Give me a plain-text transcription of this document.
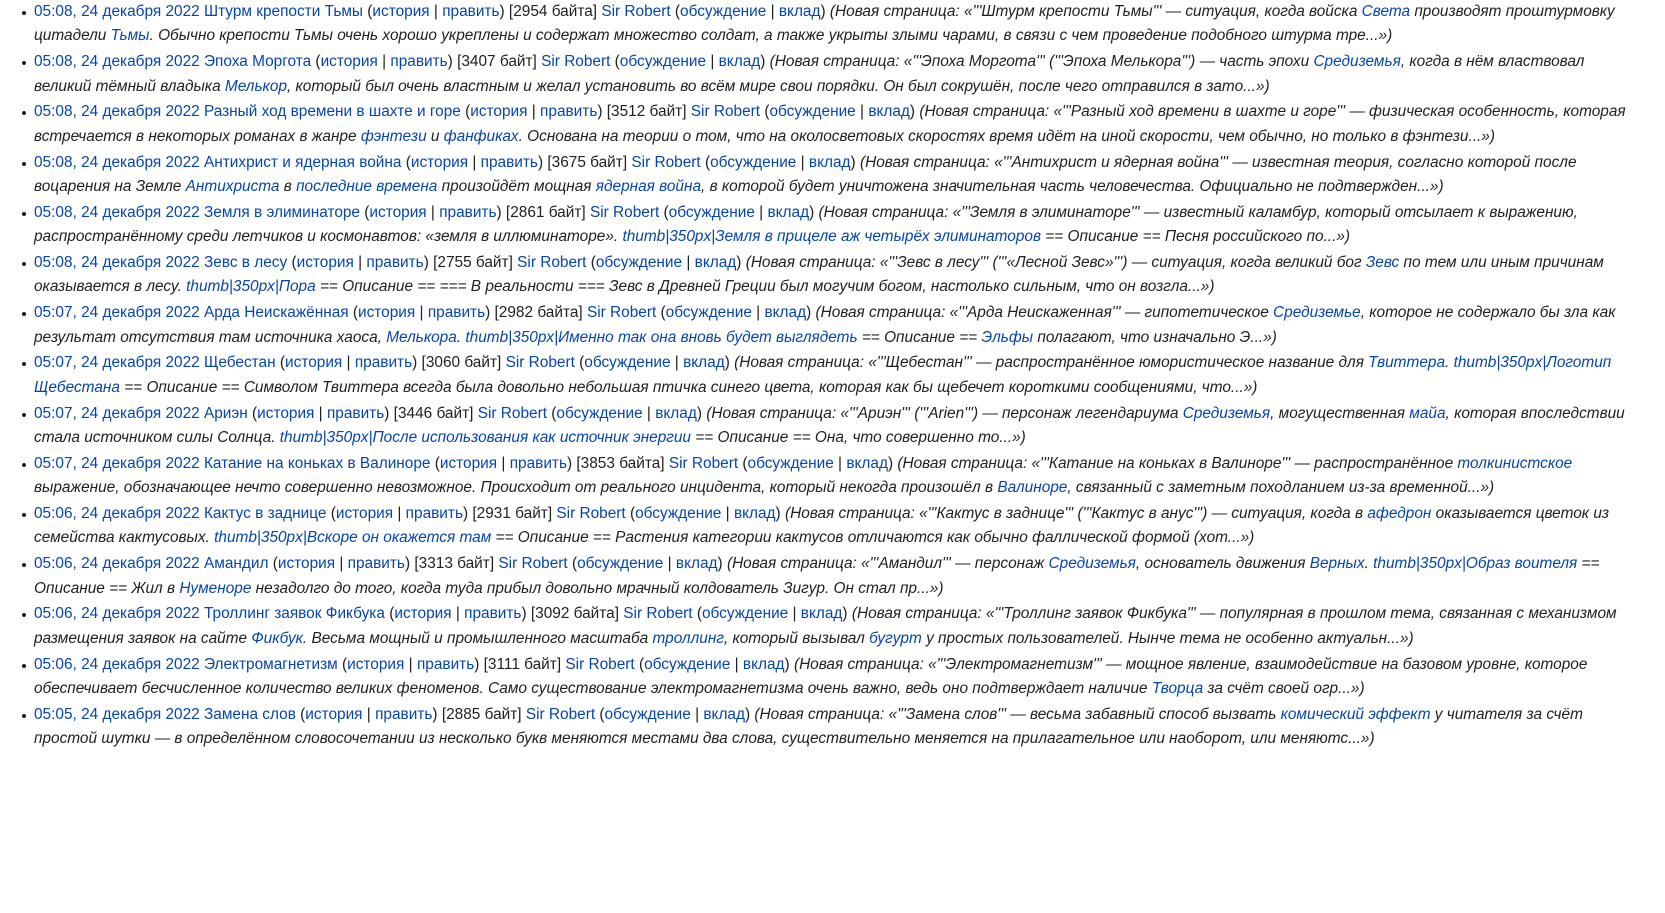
05:08, 24 декабря 2022 Штурм крепости Тьмы (история | править) [2954 байта] Sir Robert (обсуждение | вклад) (Новая страница: «'''Штурм крепости Тьмы''' — ситуация, когда войска Света производят проштурмовку цитадели Тьмы. Обычно крепости Тьмы очень хорошо укреплены и содержат множество солдат, а также укрыты злыми чарами, в связи с чем проведение подобного штурма тре...»)
05:08, 24 декабря 2022 Эпоха Моргота (история | править) [3407 байт] Sir Robert (обсуждение | вклад) (Новая страница: «'''Эпоха Моргота''' ('''Эпоха Мелькора''') — часть эпохи Средиземья, когда в нём властвовал великий тёмный владыка Мелькор, который был очень властным и желал установить во всём мире свои порядки. Он был сокрушён, после чего отправился в зато...»)
05:08, 24 декабря 2022 Разный ход времени в шахте и горе (история | править) [3512 байт] Sir Robert (обсуждение | вклад) (Новая страница: «'''Разный ход времени в шахте и горе''' — физическая особенность, которая встречается в некоторых романах в жанре фэнтези и фанфиках. Основана на теории о том, что на околосветовых скоростях время идёт на иной скорости, чем обычно, но только в фэнтези...»)
05:08, 24 декабря 2022 Антихрист и ядерная война (история | править) [3675 байт] Sir Robert (обсуждение | вклад) (Новая страница: «'''Антихрист и ядерная война''' — известная теория, согласно которой после воцарения на Земле Антихриста в последние времена произойдёт мощная ядерная война, в которой будет уничтожена значительная часть человечества. Официально не подтвержден...»)
05:08, 24 декабря 2022 Земля в элиминаторе (история | править) [2861 байт] Sir Robert (обсуждение | вклад) (Новая страница: «'''Земля в элиминаторе''' — известный каламбур, который отсылает к выражению, распространённому среди летчиков и космонавтов: «земля в иллюминаторе». thumb|350px|Земля в прицеле аж четырёх элиминаторов == Описание == Песня российского по...»)
05:08, 24 декабря 2022 Зевс в лесу (история | править) [2755 байт] Sir Robert (обсуждение | вклад) (Новая страница: «'''Зевс в лесу''' ('''«Лесной Зевс»''') — ситуация, когда великий бог Зевс по тем или иным причинам оказывается в лесу. thumb|350px|Пора == Описание == === В реальности === Зевс в Древней Греции был могучим богом, настолько сильным, что он возгла...»)
05:07, 24 декабря 2022 Арда Неискажённая (история | править) [2982 байта] Sir Robert (обсуждение | вклад) (Новая страница: «'''Арда Неискаженная''' — гипотетическое Средиземье, которое не содержало бы зла как результат отсутствия там источника хаоса, Мелькора. thumb|350px|Именно так она вновь будет выглядеть == Описание == Эльфы полагают, что изначально Э...»)
05:07, 24 декабря 2022 Щебестан (история | править) [3060 байт] Sir Robert (обсуждение | вклад) (Новая страница: «'''Щебестан''' — распространённое юмористическое название для Твиттера. thumb|350px|Логотип Щебестана == Описание == Символом Твиттера всегда была довольно небольшая птичка синего цвета, которая как бы щебечет короткими сообщениями, что...»)
05:07, 24 декабря 2022 Ариэн (история | править) [3446 байт] Sir Robert (обсуждение | вклад) (Новая страница: «'''Ариэн''' ('''Arien''') — персонаж легендариума Средиземья, могущественная майа, которая впоследствии стала источником силы Солнца. thumb|350px|После использования как источник энергии == Описание == Она, что совершенно то...»)
05:07, 24 декабря 2022 Катание на коньках в Валиноре (история | править) [3853 байта] Sir Robert (обсуждение | вклад) (Новая страница: «'''Катание на коньках в Валиноре''' — распространённое толкинистское выражение, обозначающее нечто совершенно невозможное. Происходит от реального инцидента, который некогда произошёл в Валиноре, связанный с заметным походланием из-за временной...»)
05:06, 24 декабря 2022 Кактус в заднице (история | править) [2931 байт] Sir Robert (обсуждение | вклад) (Новая страница: «'''Кактус в заднице''' ('''Кактус в анус''') — ситуация, когда в афедрон оказывается цветок из семейства кактусовых. thumb|350px|Вскоре он окажется там == Описание == Растения категории кактусов отличаются как обычно фаллической формой (хот...»)
05:06, 24 декабря 2022 Амандил (история | править) [3313 байт] Sir Robert (обсуждение | вклад) (Новая страница: «'''Амандил''' — персонаж Средиземья, основатель движения Верных. thumb|350px|Образ воителя == Описание == Жил в Нуменоре незадолго до того, когда туда прибыл довольно мрачный колдователь Зигур. Он стал пр...»)
05:06, 24 декабря 2022 Троллинг заявок Фикбука (история | править) [3092 байта] Sir Robert (обсуждение | вклад) (Новая страница: «'''Троллинг заявок Фикбука''' — популярная в прошлом тема, связанная с механизмом размещения заявок на сайте Фикбук. Весьма мощный и промышленного масштаба троллинг, который вызывал бугурт у простых пользователей. Нынче тема не особенно актуальн...»)
05:06, 24 декабря 2022 Электромагнетизм (история | править) [3111 байт] Sir Robert (обсуждение | вклад) (Новая страница: «'''Электромагнетизм''' — мощное явление, взаимодействие на базовом уровне, которое обеспечивает бесчисленное количество великих феноменов. Само существование электромагнетизма очень важно, ведь оно подтверждает наличие Творца за счёт своей огр...»)
05:05, 24 декабря 2022 Замена слов (история | править) [2885 байт] Sir Robert (обсуждение | вклад) (Новая страница: «'''Замена слов''' — весьма забавный способ вызвать комический эффект у читателя за счёт простой шутки — в определённом словосочетании из несколько букв меняются местами два слова, существительно меняется на прилагательное или наоборот, или меняютс...»)
